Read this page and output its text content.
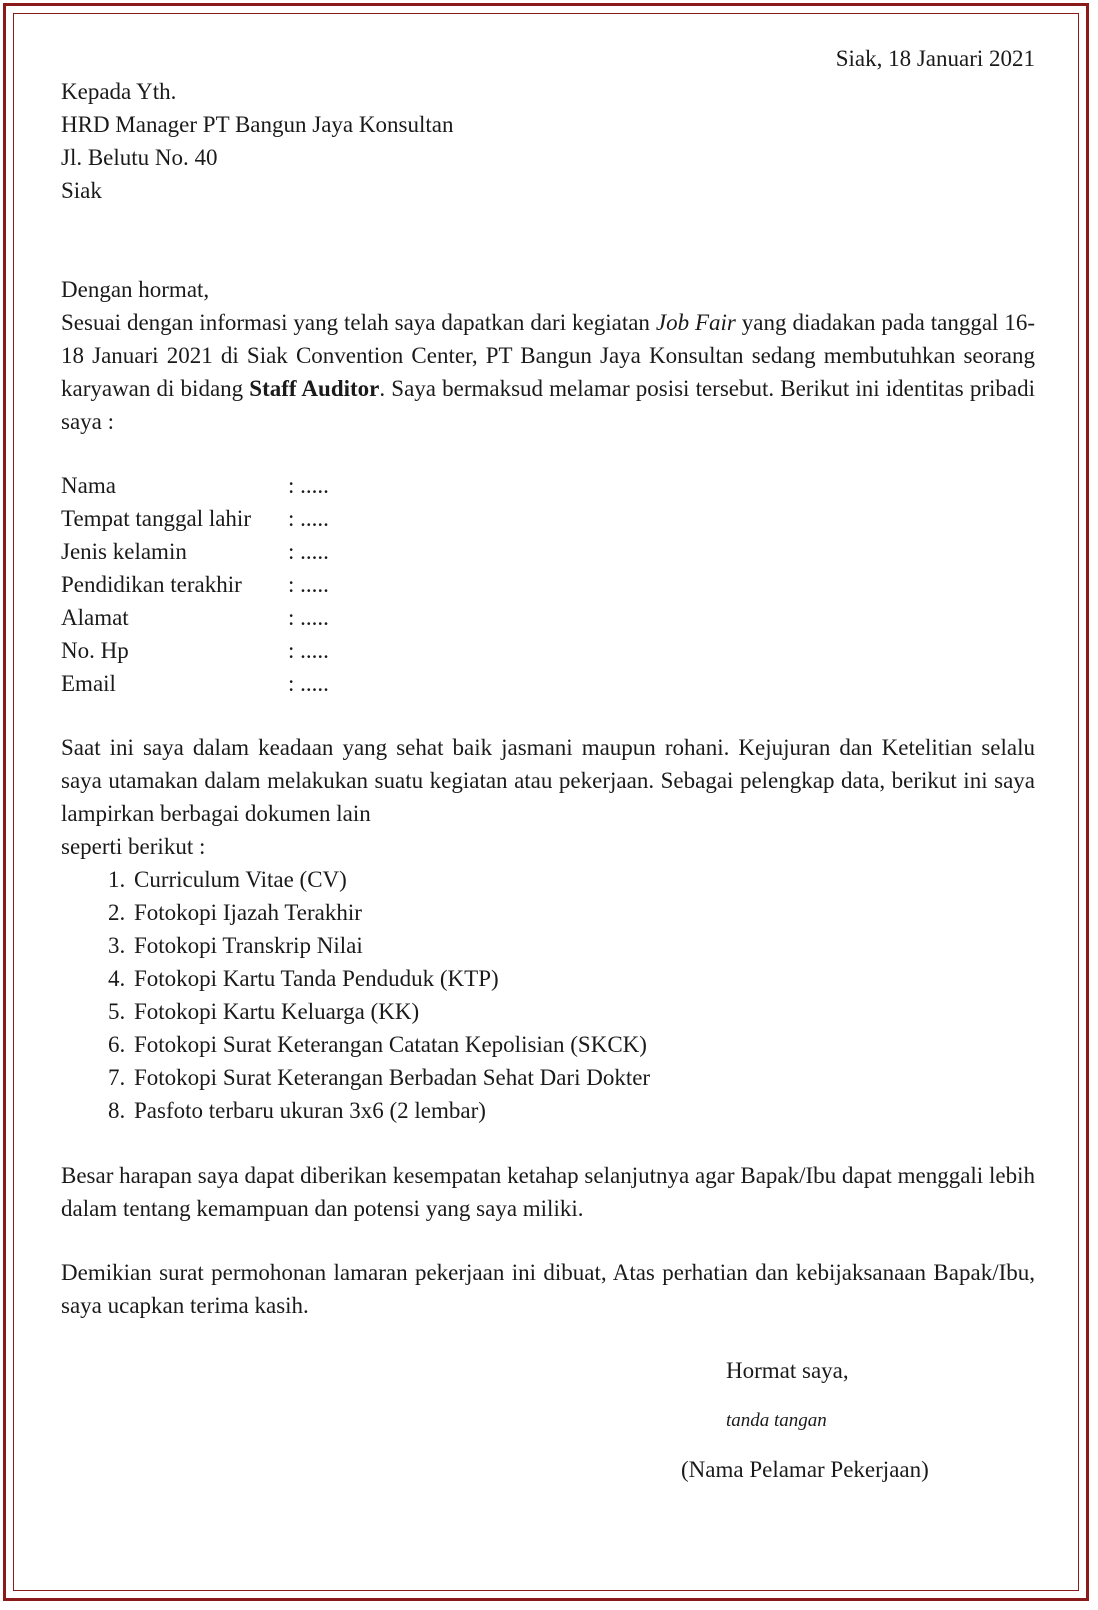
Siak, 18 Januari 2021
Kepada Yth.
HRD Manager PT Bangun Jaya Konsultan
Jl. Belutu No. 40
Siak
Dengan hormat,
Sesuai dengan informasi yang telah saya dapatkan dari kegiatan Job Fair yang diadakan pada tanggal 16-18 Januari 2021 di Siak Convention Center, PT Bangun Jaya Konsultan sedang membutuhkan seorang karyawan di bidang Staff Auditor. Saya bermaksud melamar posisi tersebut. Berikut ini identitas pribadi saya :
Nama	: .....
Tempat tanggal lahir	: .....
Jenis kelamin	: .....
Pendidikan terakhir	: .....
Alamat	: .....
No. Hp	: .....
Email	: .....
Saat ini saya dalam keadaan yang sehat baik jasmani maupun rohani. Kejujuran dan Ketelitian selalu saya utamakan dalam melakukan suatu kegiatan atau pekerjaan. Sebagai pelengkap data, berikut ini saya lampirkan berbagai dokumen lain
seperti berikut :
1. Curriculum Vitae (CV)
2. Fotokopi Ijazah Terakhir
3. Fotokopi Transkrip Nilai
4. Fotokopi Kartu Tanda Penduduk (KTP)
5. Fotokopi Kartu Keluarga (KK)
6. Fotokopi Surat Keterangan Catatan Kepolisian (SKCK)
7. Fotokopi Surat Keterangan Berbadan Sehat Dari Dokter
8. Pasfoto terbaru ukuran 3x6 (2 lembar)
Besar harapan saya dapat diberikan kesempatan ketahap selanjutnya agar Bapak/Ibu dapat menggali lebih dalam tentang kemampuan dan potensi yang saya miliki.
Demikian surat permohonan lamaran pekerjaan ini dibuat, Atas perhatian dan kebijaksanaan Bapak/Ibu, saya ucapkan terima kasih.
Hormat saya,
tanda tangan
(Nama Pelamar Pekerjaan)
